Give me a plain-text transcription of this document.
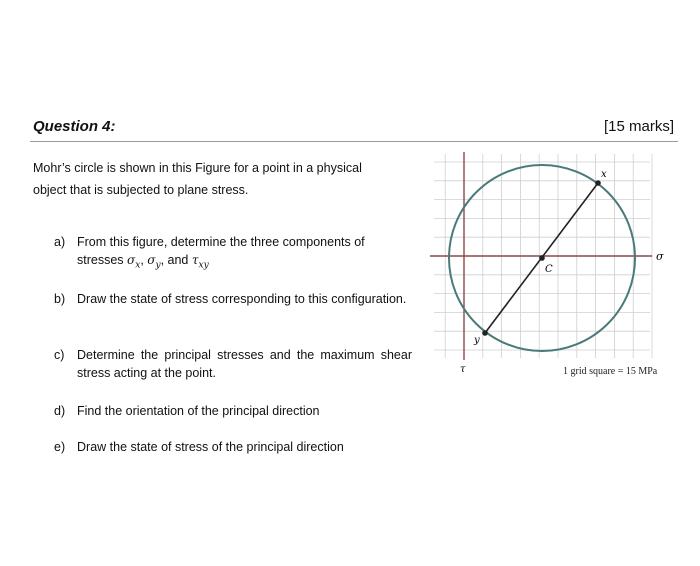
Question 4:	[15 marks]
Mohr’s circle is shown in this Figure for a point in a physical
object that is subjected to plane stress.
a) From this figure, determine the three components of
stresses $\sigma_x$, $\sigma_y$, and $\tau_{xy}$
b) Draw the state of stress corresponding to this configuration.
c) Determine the principal stresses and the maximum shear stress acting at the point.
d) Find the orientation of the principal direction
e) Draw the state of stress of the principal direction
x
y
C
σ
τ	1 grid square = 15 MPa
